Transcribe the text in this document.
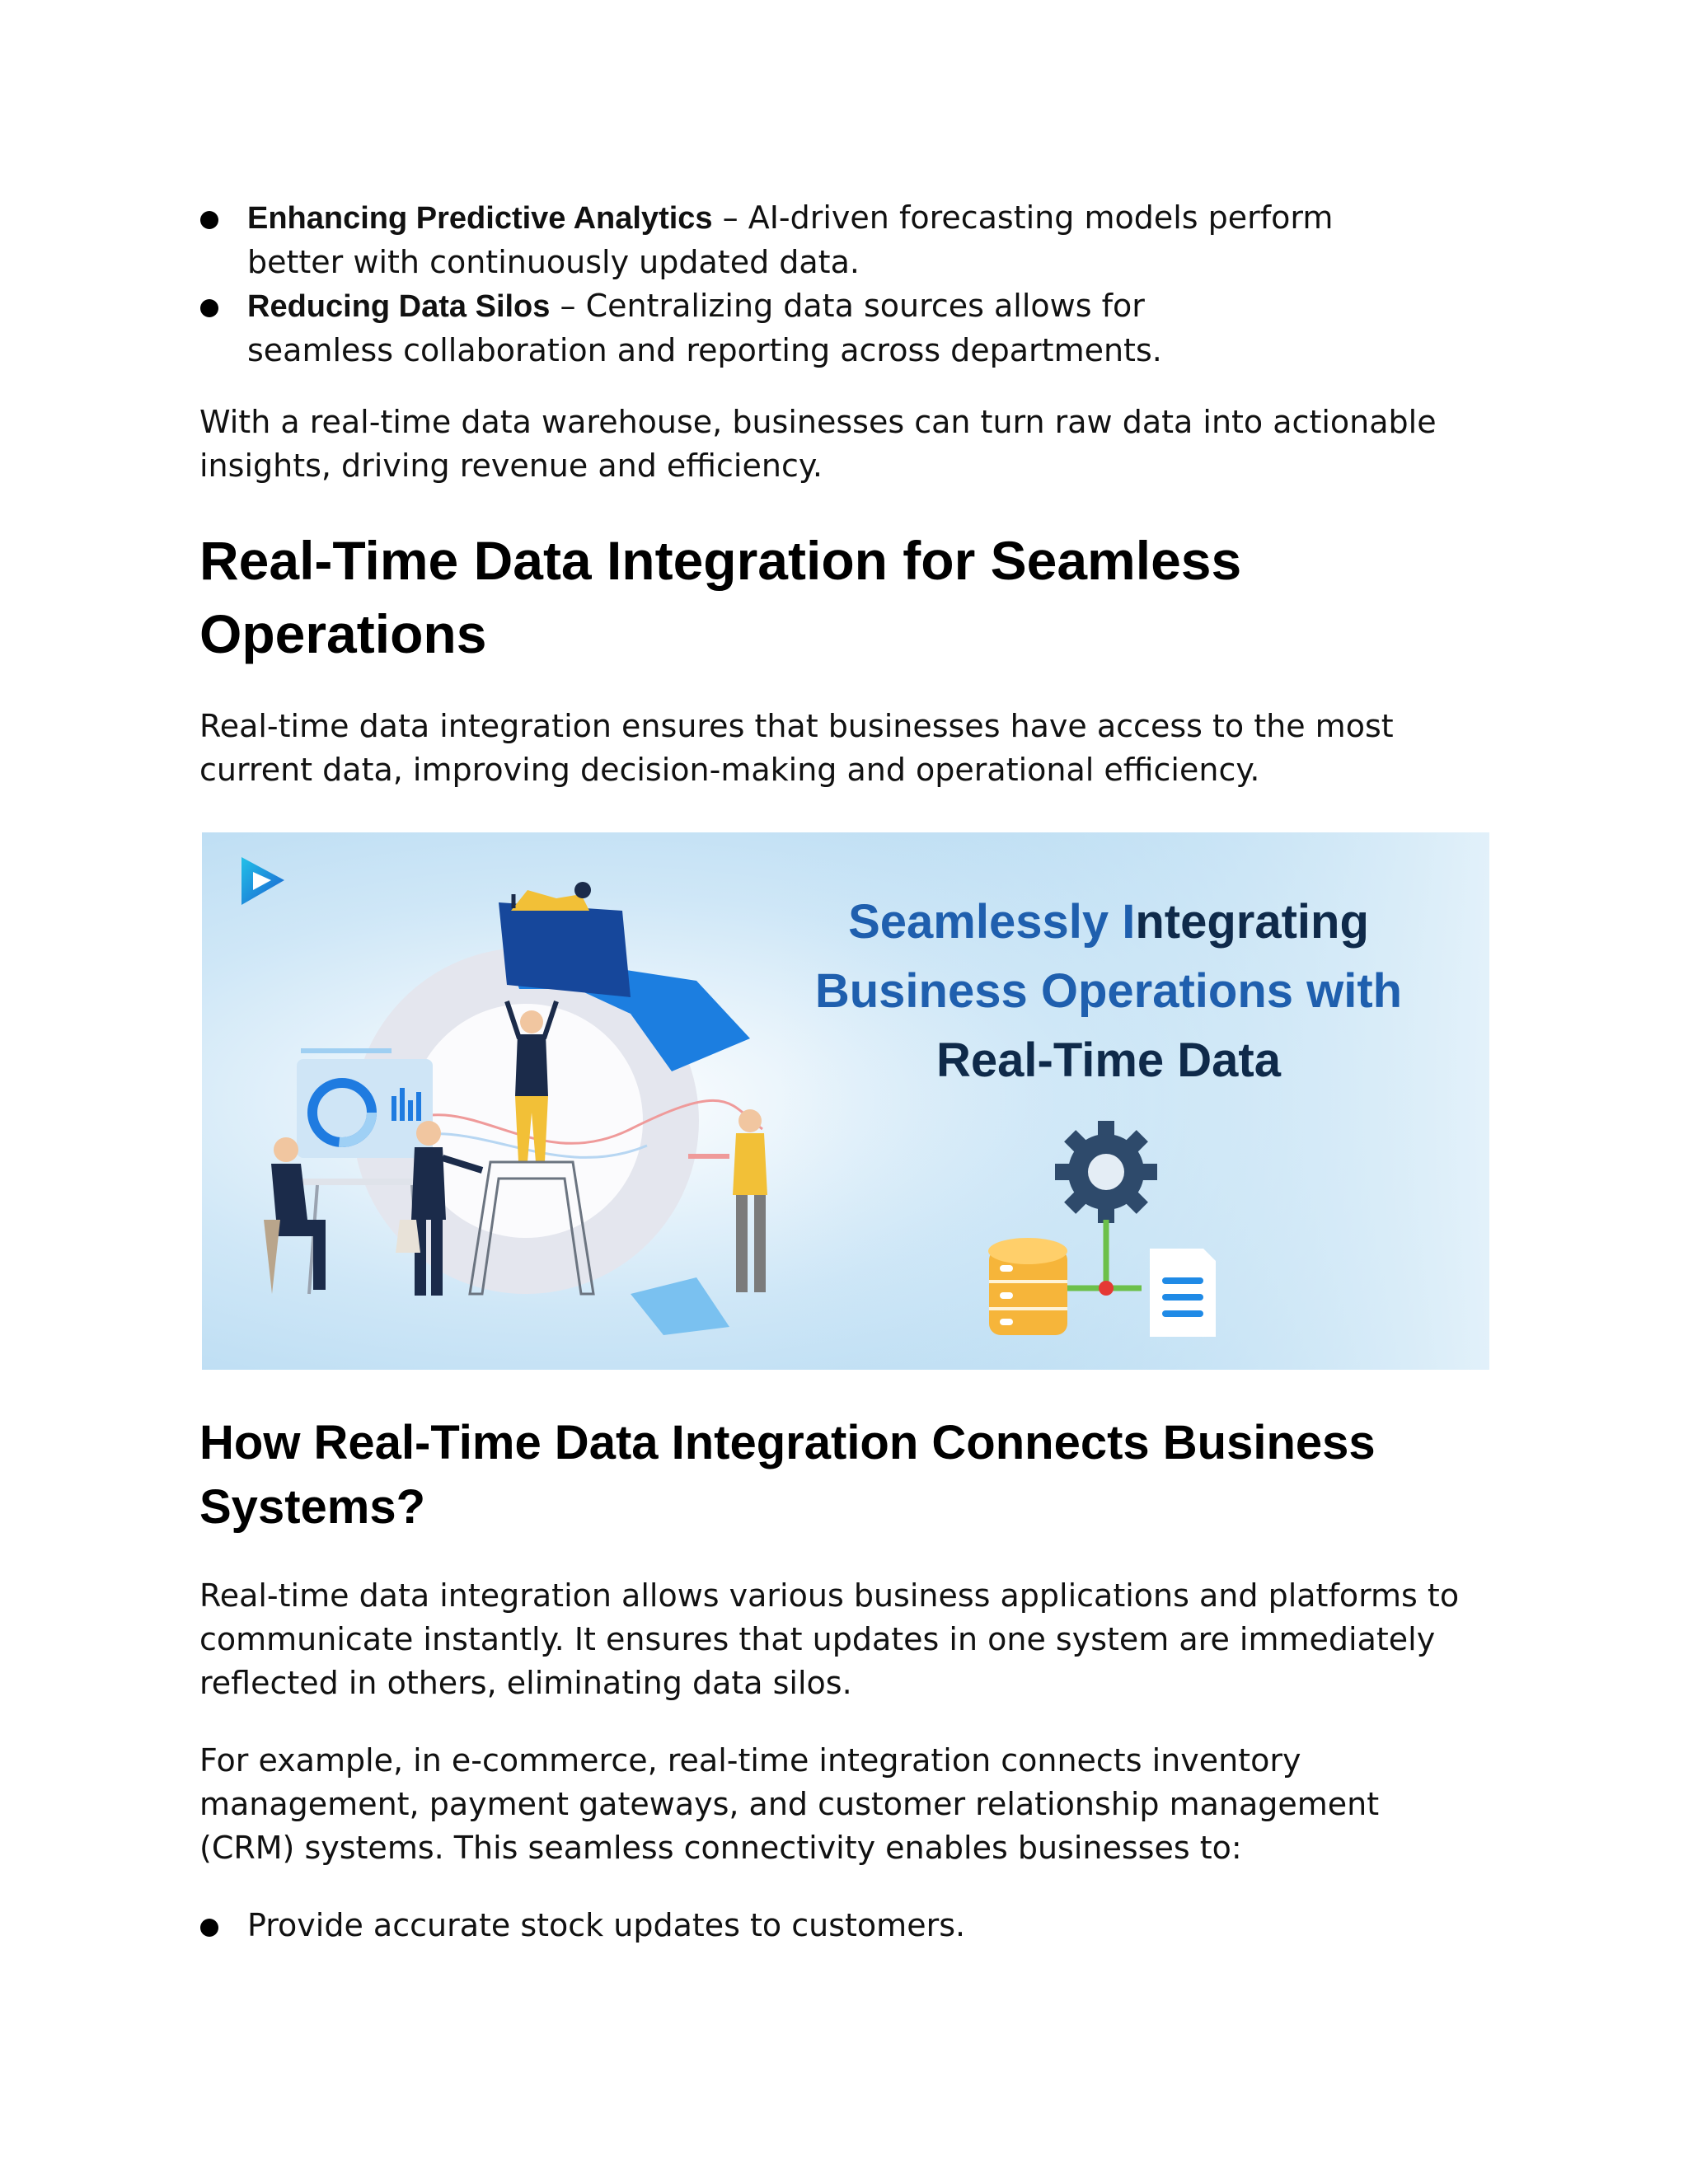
Enhancing Predictive Analytics – AI-driven forecasting models perform
better with continuously updated data.
Reducing Data Silos – Centralizing data sources allows for
seamless collaboration and reporting across departments.

With a real-time data warehouse, businesses can turn raw data into actionable
insights, driving revenue and efficiency.

Real-Time Data Integration for Seamless
Operations

Real-time data integration ensures that businesses have access to the most
current data, improving decision-making and operational efficiency.

Seamlessly Integrating
Business Operations with
Real-Time Data
How Real-Time Data Integration Connects Business
Systems?

Real-time data integration allows various business applications and platforms to
communicate instantly. It ensures that updates in one system are immediately
reflected in others, eliminating data silos.

For example, in e-commerce, real-time integration connects inventory
management, payment gateways, and customer relationship management
(CRM) systems. This seamless connectivity enables businesses to:

Provide accurate stock updates to customers.
